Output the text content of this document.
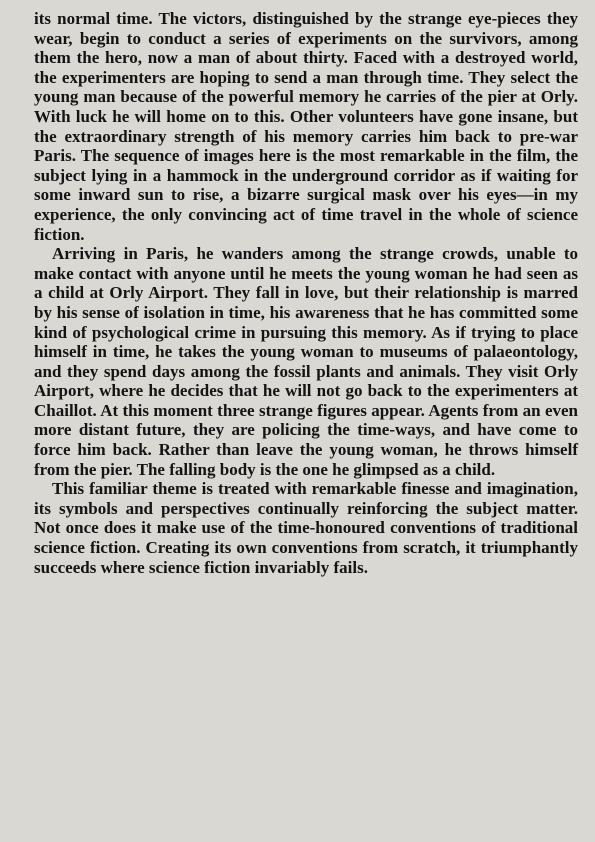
its normal time. The victors, distinguished by the strange eye-pieces they wear, begin to conduct a series of experiments on the survivors, among them the hero, now a man of about thirty. Faced with a destroyed world, the experimenters are hoping to send a man through time. They select the young man because of the powerful memory he carries of the pier at Orly. With luck he will home on to this. Other volunteers have gone insane, but the extraordinary strength of his memory carries him back to pre-war Paris. The sequence of images here is the most remarkable in the film, the subject lying in a hammock in the underground corridor as if waiting for some inward sun to rise, a bizarre surgical mask over his eyes—in my experience, the only convincing act of time travel in the whole of science fiction.

Arriving in Paris, he wanders among the strange crowds, unable to make contact with anyone until he meets the young woman he had seen as a child at Orly Airport. They fall in love, but their relationship is marred by his sense of isolation in time, his awareness that he has committed some kind of psychological crime in pursuing this memory. As if trying to place himself in time, he takes the young woman to museums of palaeontology, and they spend days among the fossil plants and animals. They visit Orly Airport, where he decides that he will not go back to the experimenters at Chaillot. At this moment three strange figures appear. Agents from an even more distant future, they are policing the time-ways, and have come to force him back. Rather than leave the young woman, he throws himself from the pier. The falling body is the one he glimpsed as a child.

This familiar theme is treated with remarkable finesse and imagination, its symbols and perspectives continually reinforcing the subject matter. Not once does it make use of the time-honoured conventions of traditional science fiction. Creating its own conventions from scratch, it triumphantly succeeds where science fiction invariably fails.
